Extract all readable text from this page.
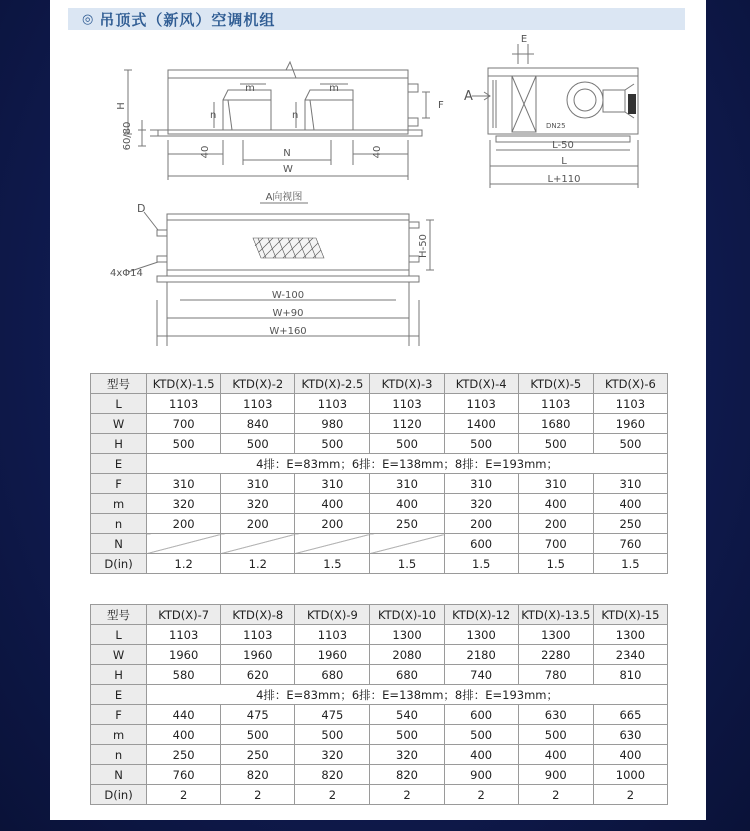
◎ 吊顶式（新风）空调机组
H
60/80
m	m
n	n
F
N
40	40
W
E
A
DN25
L-50
L
L+110
A向视图
D
4xΦ14
H-50
W-100
W+90
W+160
型号	KTD(X)-1.5	KTD(X)-2	KTD(X)-2.5	KTD(X)-3	KTD(X)-4	KTD(X)-5	KTD(X)-6
L	1103	1103	1103	1103	1103	1103	1103
W	700	840	980	1120	1400	1680	1960
H	500	500	500	500	500	500	500
E	4排：E=83mm；6排：E=138mm；8排：E=193mm；						
F	310	310	310	310	310	310	310
m	320	320	400	400	320	400	400
n	200	200	200	250	200	200	250
N					600	700	760
D(in)	1.2	1.2	1.5	1.5	1.5	1.5	1.5
型号	KTD(X)-7	KTD(X)-8	KTD(X)-9	KTD(X)-10	KTD(X)-12	KTD(X)-13.5	KTD(X)-15
L	1103	1103	1103	1300	1300	1300	1300
W	1960	1960	1960	2080	2180	2280	2340
H	580	620	680	680	740	780	810
E	4排：E=83mm；6排：E=138mm；8排：E=193mm；						
F	440	475	475	540	600	630	665
m	400	500	500	500	500	500	630
n	250	250	320	320	400	400	400
N	760	820	820	820	900	900	1000
D(in)	2	2	2	2	2	2	2
